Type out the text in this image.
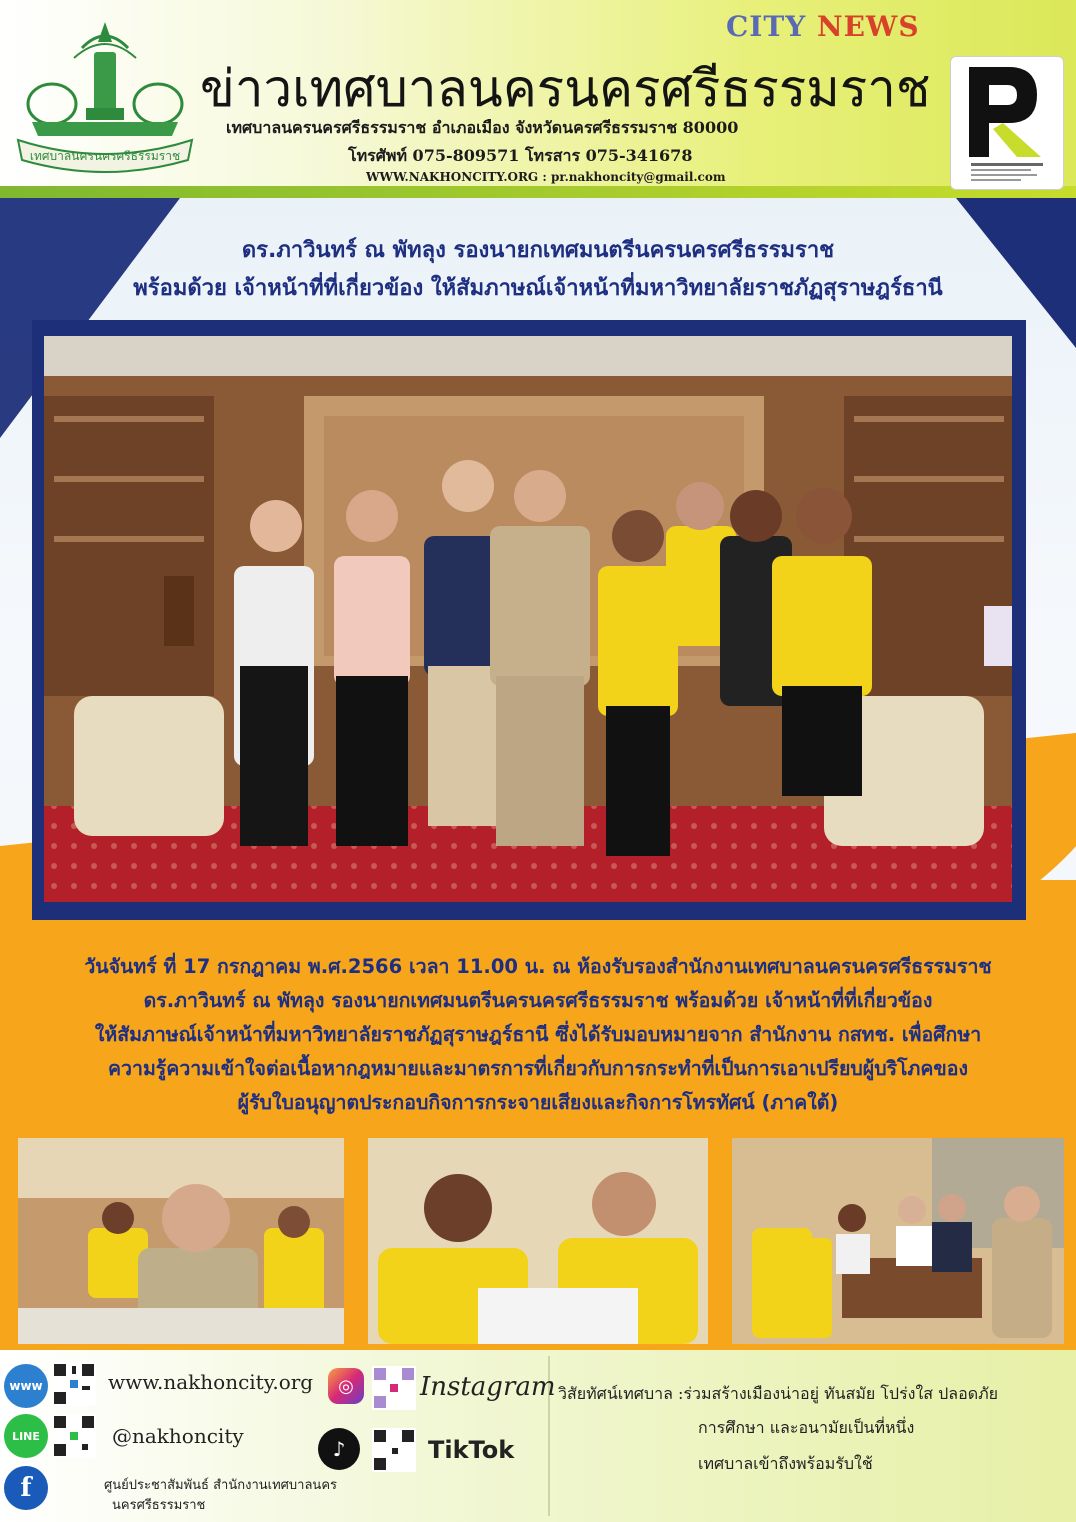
เทศบาลนครนครศรีธรรมราช
CITY NEWS
ข่าวเทศบาลนครนครศรีธรรมราช
เทศบาลนครนครศรีธรรมราช อำเภอเมือง จังหวัดนครศรีธรรมราช 80000
โทรศัพท์ 075-809571 โทรสาร 075-341678
WWW.NAKHONCITY.ORG : pr.nakhoncity@gmail.com
ดร.ภาวินทร์ ณ พัทลุง รองนายกเทศมนตรีนครนครศรีธรรมราช
พร้อมด้วย เจ้าหน้าที่ที่เกี่ยวข้อง ให้สัมภาษณ์เจ้าหน้าที่มหาวิทยาลัยราชภัฏสุราษฎร์ธานี

วันจันทร์ ที่ 17 กรกฎาคม พ.ศ.2566 เวลา 11.00 น. ณ ห้องรับรองสำนักงานเทศบาลนครนครศรีธรรมราช

ดร.ภาวินทร์ ณ พัทลุง รองนายกเทศมนตรีนครนครศรีธรรมราช พร้อมด้วย เจ้าหน้าที่ที่เกี่ยวข้อง

ให้สัมภาษณ์เจ้าหน้าที่มหาวิทยาลัยราชภัฏสุราษฎร์ธานี ซึ่งได้รับมอบหมายจาก สำนักงาน กสทช. เพื่อศึกษา

ความรู้ความเข้าใจต่อเนื้อหากฎหมายและมาตรการที่เกี่ยวกับการกระทำที่เป็นการเอาเปรียบผู้บริโภคของ

ผู้รับใบอนุญาตประกอบกิจการกระจายเสียงและกิจการโทรทัศน์ (ภาคใต้)

www	www.nakhoncity.org	◎	Instagram
LINE	@nakhoncity
♪	TikTok
f	ศูนย์ประชาสัมพันธ์ สำนักงานเทศบาลนคร
นครศรีธรรมราช
วิสัยทัศน์เทศบาล :ร่วมสร้างเมืองน่าอยู่ ทันสมัย โปร่งใส ปลอดภัย
การศึกษา และอนามัยเป็นที่หนึ่ง
เทศบาลเข้าถึงพร้อมรับใช้
